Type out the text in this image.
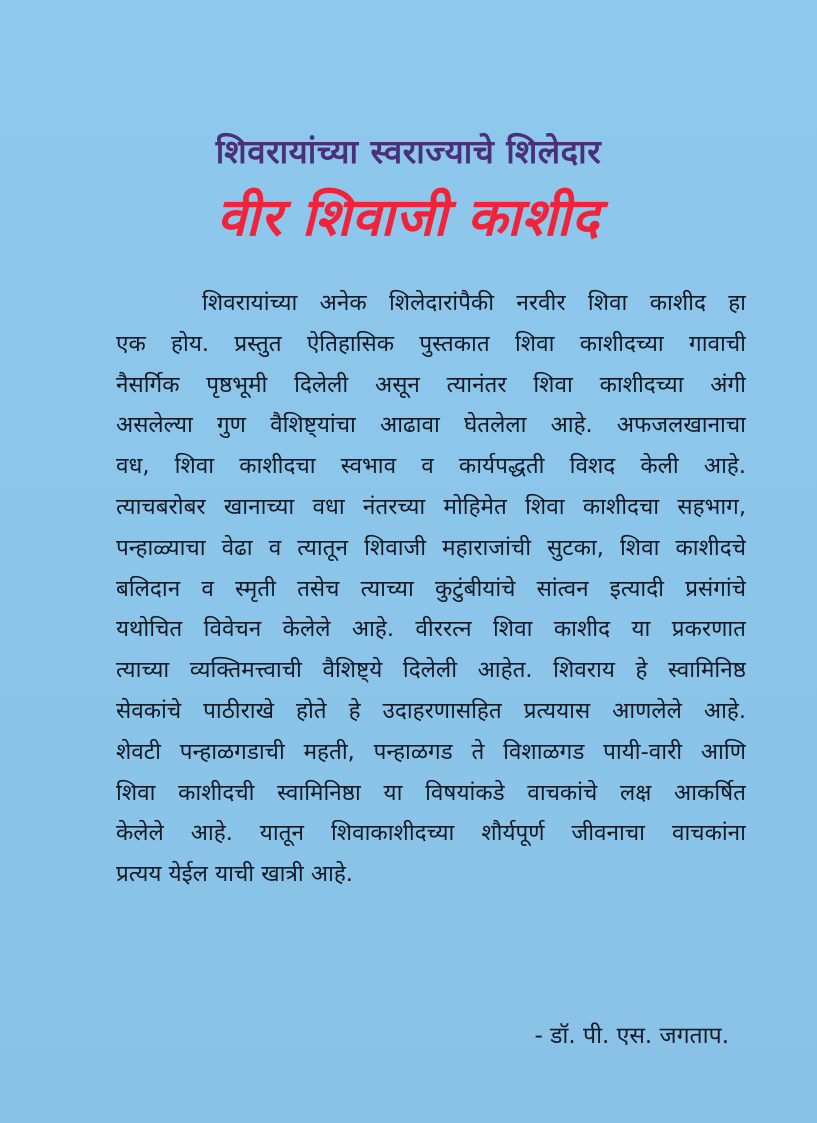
शिवरायांच्या स्वराज्याचे शिलेदार
वीर शिवाजी काशीद
शिवरायांच्या अनेक शिलेदारांपैकी नरवीर शिवा काशीद हा
एक होय. प्रस्तुत ऐतिहासिक पुस्तकात शिवा काशीदच्या गावाची
नैसर्गिक पृष्ठभूमी दिलेली असून त्यानंतर शिवा काशीदच्या अंगी
असलेल्या गुण वैशिष्ट्यांचा आढावा घेतलेला आहे. अफजलखानाचा
वध, शिवा काशीदचा स्वभाव व कार्यपद्धती विशद केली आहे.
त्याचबरोबर खानाच्या वधा नंतरच्या मोहिमेत शिवा काशीदचा सहभाग,
पन्हाळ्याचा वेढा व त्यातून शिवाजी महाराजांची सुटका, शिवा काशीदचे
बलिदान व स्मृती तसेच त्याच्या कुटुंबीयांचे सांत्वन इत्यादी प्रसंगांचे
यथोचित विवेचन केलेले आहे. वीररत्न शिवा काशीद या प्रकरणात
त्याच्या व्यक्तिमत्त्वाची वैशिष्ट्ये दिलेली आहेत. शिवराय हे स्वामिनिष्ठ
सेवकांचे पाठीराखे होते हे उदाहरणासहित प्रत्ययास आणलेले आहे.
शेवटी पन्हाळगडाची महती, पन्हाळगड ते विशाळगड पायी-वारी आणि
शिवा काशीदची स्वामिनिष्ठा या विषयांकडे वाचकांचे लक्ष आकर्षित
केलेले आहे. यातून शिवाकाशीदच्या शौर्यपूर्ण जीवनाचा वाचकांना
प्रत्यय येईल याची खात्री आहे.
- डॉ. पी. एस. जगताप.
